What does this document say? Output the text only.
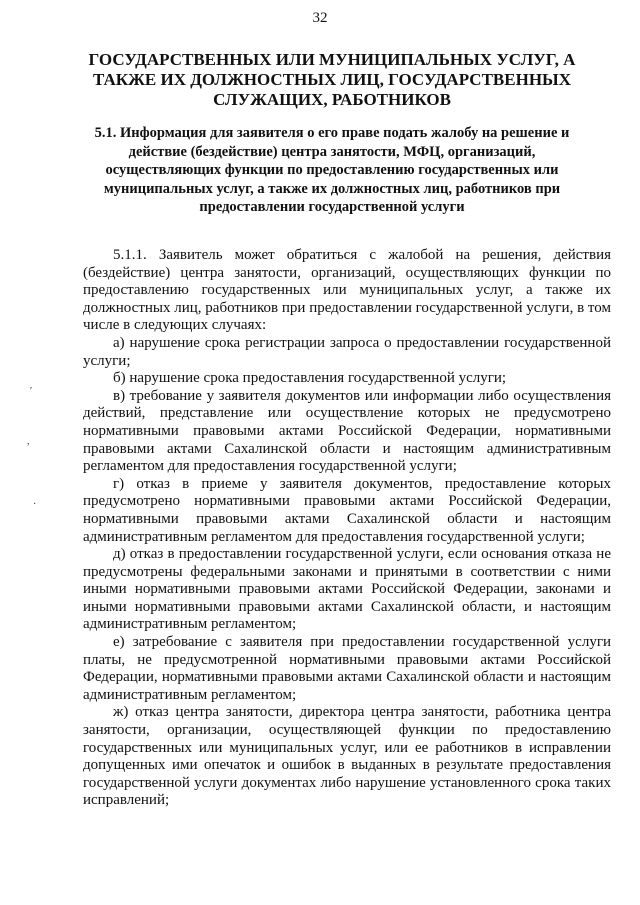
32
ГОСУДАРСТВЕННЫХ ИЛИ МУНИЦИПАЛЬНЫХ УСЛУГ, А ТАКЖЕ ИХ ДОЛЖНОСТНЫХ ЛИЦ, ГОСУДАРСТВЕННЫХ СЛУЖАЩИХ, РАБОТНИКОВ
5.1. Информация для заявителя о его праве подать жалобу на решение и действие (бездействие) центра занятости, МФЦ, организаций, осуществляющих функции по предоставлению государственных или муниципальных услуг, а также их должностных лиц, работников при предоставлении государственной услуги

5.1.1. Заявитель может обратиться с жалобой на решения, действия (бездействие) центра занятости, организаций, осуществляющих функции по предоставлению государственных или муниципальных услуг, а также их должностных лиц, работников при предоставлении государственной услуги, в том числе в следующих случаях:

а) нарушение срока регистрации запроса о предоставлении государственной услуги;

б) нарушение срока предоставления государственной услуги;

в) требование у заявителя документов или информации либо осуществления действий, представление или осуществление которых не предусмотрено нормативными правовыми актами Российской Федерации, нормативными правовыми актами Сахалинской области и настоящим административным регламентом для предоставления государственной услуги;

г) отказ в приеме у заявителя документов, предоставление которых предусмотрено нормативными правовыми актами Российской Федерации, нормативными правовыми актами Сахалинской области и настоящим административным регламентом для предоставления государственной услуги;

д) отказ в предоставлении государственной услуги, если основания отказа не предусмотрены федеральными законами и принятыми в соответствии с ними иными нормативными правовыми актами Российской Федерации, законами и иными нормативными правовыми актами Сахалинской области, и настоящим административным регламентом;

е) затребование с заявителя при предоставлении государственной услуги платы, не предусмотренной нормативными правовыми актами Российской Федерации, нормативными правовыми актами Сахалинской области и настоящим административным регламентом;

ж) отказ центра занятости, директора центра занятости, работника центра занятости, организации, осуществляющей функции по предоставлению государственных или муниципальных услуг, или ее работников в исправлении допущенных ими опечаток и ошибок в выданных в результате предоставления государственной услуги документах либо нарушение установленного срока таких исправлений;

′
,
·
